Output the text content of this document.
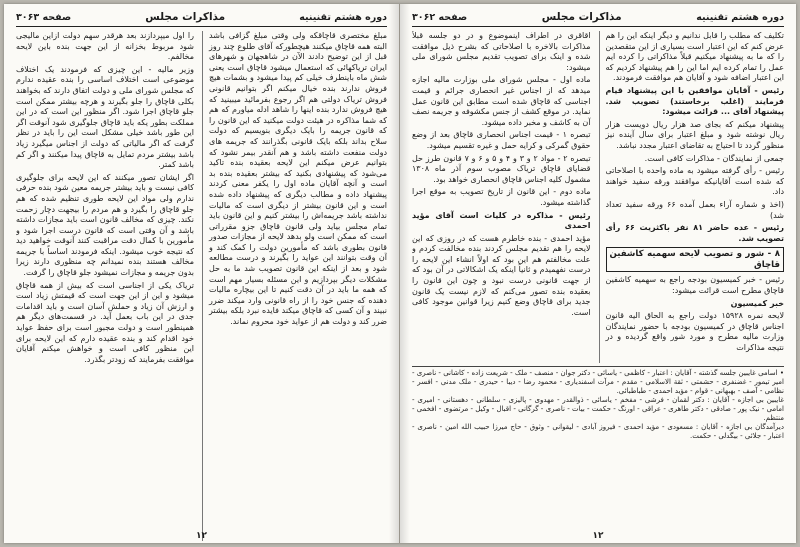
دوره هشتم تقنینیه
مذاکرات مجلس
صفحه ۳۰۶۳

مبلغ مختصری قاچاقکه ولی وقتی مبلغ گزافی باشد البته همه قاچاق میکنند هیچطورکه آقای طلوع چند روز قبل از این توضیح دادند الآن در شاهجهان و شهرهای ایران تریاکهائی که استعمال میشود قاچاق است یعنی شش ماه باینطرف خیلی کم پیدا میشود و بشمات هیچ فروش ندارند بنده خیال میکنم اگر بتوانیم قانونی فروش تریاک دولتی هم اگر رجوع بفرمائید میبینید که هیچ فروش ندارد بنده اینها را شاهد ادله میاورم که هم که شما مذاکره در هیئت دولت میکنید که این قانون را که قانون جریمه را بایک دیگری بنویسیم که دولت سلاح بداند بلکه بایک قانونی بگذرانند که جریمه های دولت منفعت داشته باشد و هم آنقدر بیمر نشود که بتوانیم عرض میکنم این لایحه بعقیده بنده تاکید می‌شود که پیشنهادی بکنید که بیشتر بعقیده بنده بد است و آنچه آقایان ماده اول را یکفر معنی کردند پیشنهاد داده و مطالب دیگری که پیشنهاد داده شده است و این قانون بیشتر از دیگری است که مالیات نداشته باشد جریمه‌اش را بیشتر کنیم و این قانون باید تمام مجلس بیاید ولی قانون قاچاق جزو مقرراتی است که ممکن است ولو بدهد لایحه از مجازات صدور قانون بطوری باشد که مأمورین دولت را کمک کند و آن وقت بتوانند این عواید را بگیرند و درست مطالعه شود و بعد از اینکه این قانون تصویب شد ما به حل مشکلات دیگر بپردازیم و این مسئله بسیار مهم است که همه ما باید در آن دقت کنیم تا این بیچاره مالیات دهنده که جنس خود را از راه قانونی وارد میکند ضرر نبیند و آن کسی که قاچاق میکند فایده نبرد بلکه بیشتر ضرر کند و دولت هم از عواید خود محروم نماند.

را اول میپردازند بعد هرقدر سهم دولت ازاین مالیجی شود مربوط بخزانه از این جهت بنده باین لایحه مخالفم.

وزیر مالیه - این چیزی که فرمودند یک اختلاف موضوعی است اختلاف اساسی را بنده عقیده ندارم که مجلس شورای ملی و دولت اتفاق دارند که بخواهند بکلی قاچاق را جلو بگیرند و هرچه بیشتر ممکن است جلو قاچاق اجرا شود. اگر منظور این است که در این مملکت بطور یکه باید قاچاق جلوگیری شود آنوقت اگر این طور باشد خیلی مشکل است این را باید در نظر گرفت که اگر مالیاتی که دولت از اجناس میگیرد زیاد باشد بیشتر مردم تمایل به قاچاق پیدا میکنند و اگر کم باشد کمتر.

اگر ایشان تصور میکنند که این لایحه برای جلوگیری کافی نیست و باید بیشتر جریمه معین شود بنده حرفی ندارم ولی مواد این لایحه طوری تنظیم شده که هم جلو قاچاق را بگیرد و هم مردم را بیجهت دچار زحمت نکند. چیزی که مخالف قانون است باید مجازات داشته باشد و آن وقتی است که قانون درست اجرا شود و مأمورین با کمال دقت مراقبت کنند آنوقت خواهید دید که نتیجه خوب میشود. اینکه فرمودند اساساً با جریمه مخالف هستند بنده نمیدانم چه منظوری دارند زیرا بدون جریمه و مجازات نمیشود جلو قاچاق را گرفت.

تریاک یکی از اجناسی است که بیش از همه قاچاق میشود و این از این جهت است که قیمتش زیاد است و ارزش آن زیاد و حملش آسان است و باید اقدامات جدی در این باب بعمل آید. در قسمت‌های دیگر هم همینطور است و دولت مجبور است برای حفظ عواید خود اقدام کند و بنده عقیده دارم که این لایحه برای این منظور کافی است و خواهش میکنم آقایان موافقت بفرمایند که زودتر بگذرد.

۱۲
دوره هشتم تقنینیه
مذاکرات مجلس
صفحه ۳۰۶۲

تکلیف که مطلب را قابل ندانیم و دیگر اینکه این را هم عرض کنم که این اعتبار است بسیاری از این متقصدین را که ما به پیشنهاد میکنیم قبلاً مذاکراتی را کرده ایم عمل را تمام کرده ایم اما این را هم پیشنهاد کردیم که این اعتبار اضافه شود و آقایان هم موافقت فرمودند.

رئیس - آقایان موافقین با این پیشنهاد قیام فرمایند (اغلب برخاستند) تصویب شد. پیشنهاد آقای ... قرائت میشود:

پیشنهاد میکنم که بجای صد هزار ریال دویست هزار ریال نوشته شود و مبلغ اعتبار برای سال آینده نیز منظور گردد تا احتیاج به تقاضای اعتبار مجدد نباشد.

جمعی از نمایندگان - مذاکرات کافی است.

رئیس - رأی گرفته میشود به ماده واحده با اصلاحاتی که شده است آقایانیکه موافقند ورقه سفید خواهند داد.

(اخذ و شماره آراء بعمل آمده ۶۶ ورقه سفید تعداد شد)

رئیس - عده حاضر ۸۱ نفر باکثریت ۶۶ رأی تصویب شد.

۸ - شور و تصویب لایحه سهمیه کاشفین قاچاق

رئیس - خبر کمیسیون بودجه راجع به سهمیه کاشفین قاچاق مطرح است قرائت میشود:

خبر کمیسیون

لایحه نمره ۱۵۹۲۸ دولت راجع به الحاق الیه قانون اجناس قاچاق در کمیسیون بودجه با حضور نمایندگان وزارت مالیه مطرح و مورد شور واقع گردیده و در نتیجه مذاکرات

اقاقری در اطراف اینموضوع و در دو جلسه قبلاً مذاکرات بالاخره با اصلاحاتی که بشرح ذیل موافقت شده و اینک برای تصویب تقدیم مجلس شورای ملی میشود:

ماده اول - مجلس شورای ملی بوزارت مالیه اجازه میدهد که از اجناس غیر انحصاری جرائم و قیمت اجناسی که قاچاق شده است مطابق این قانون عمل نماید. در موقع کشف از جنس مکشوفه و جریمه نصف آن به کاشف و مخبر داده میشود.

تبصره ۱ - قیمت اجناس انحصاری قاچاق بعد از وضع حقوق گمرکی و کرایه حمل و غیره تقسیم میشود.

تبصره ۲ - مواد ۲ و ۳ و ۴ و ۵ و ۶ و ۷ قانون طرز حل قضایای قاچاق تریاک مصوب سوم آذر ماه ۱۳۰۸ مشمول کلیه اجناس قاچاق انحصاری خواهد بود.

ماده دوم - این قانون از تاریخ تصویب به موقع اجرا گذاشته میشود.

رئیس - مذاکره در کلیات است آقای مؤید احمدی

مؤید احمدی - بنده خاطرم هست که در روزی که این لایحه را هم تقدیم مجلس کردند بنده مخالفت کردم و علت مخالفتم هم این بود که اولاً انشاء این لایحه را درست نفهمیدم و ثانیاً اینکه یک اشکالاتی در آن بود که از جهت قانونی درست نبود و چون این قانون را بعقیده بنده تصور می‌کنم که لازم نیست یک قانون جدید برای قاچاق وضع کنیم زیرا قوانین موجود کافی است.

• اسامی غایبین جلسه گذشته - آقایان : اعتبار - کاظمی - یاسائی - دکتر جوان - منصف - ملک - شریعت زاده - کاشانی - ناصری - امیر تیمور - غضنفری - حشمتی - ثقة الاسلامی - مقدم - مرآت اسفندیاری - محمود رضا - دیبا - حیدری - ملک مدنی - افسر - نظامی - آصف - بهبهانی - قوام - مؤید احمدی - طباطبائی.

غایبین بی اجازه - آقایان : دکتر لقمان - فرشی - مفخم - یاسائی - ذوالقدر - مهدوی - پالیزی - سلطانی - دهستانی - امیری - امامی - نیک پور - صادقی - دکتر طاهری - عراقی - اورنگ - حکمت - بیات - ناصری - گرگانی - اقبال - وکیل - مرتضوی - افخمی - منتظم.

دیرآمدگان بی اجازه - آقایان : مسعودی - مؤید احمدی - فیروز آبادی - لیقوانی - وثوق - حاج میرزا حبیب الله امین - ناصری - اعتبار - جلائی - بیگدلی - حکمت.

۱۲
